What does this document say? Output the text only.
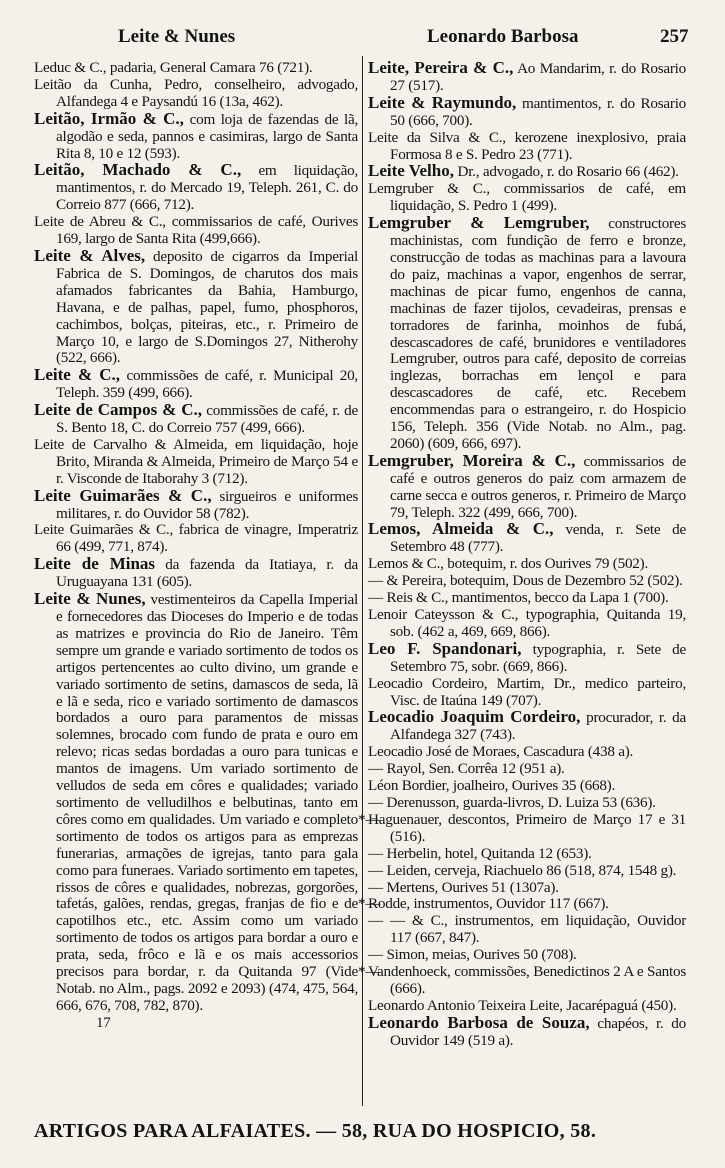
Leite & Nunes	Leonardo Barbosa	257

Leduc & C., padaria, General Camara 76 (721).

Leitão da Cunha, Pedro, conselheiro, advogado, Alfandega 4 e Paysandú 16 (13a, 462).

Leitão, Irmão & C., com loja de fazendas de lã, algodão e seda, pannos e casimiras, largo de Santa Rita 8, 10 e 12 (593).

Leitão, Machado & C., em liquidação, mantimentos, r. do Mercado 19, Teleph. 261, C. do Correio 877 (666, 712).

Leite de Abreu & C., commissarios de café, Ourives 169, largo de Santa Rita (499,666).

Leite & Alves, deposito de cigarros da Imperial Fabrica de S. Domingos, de charutos dos mais afamados fabricantes da Bahia, Hamburgo, Havana, e de palhas, papel, fumo, phosphoros, cachimbos, bolças, piteiras, etc., r. Primeiro de Março 10, e largo de S.Domingos 27, Nitherohy (522, 666).

Leite & C., commissões de café, r. Municipal 20, Teleph. 359 (499, 666).

Leite de Campos & C., commissões de café, r. de S. Bento 18, C. do Correio 757 (499, 666).

Leite de Carvalho & Almeida, em liquidação, hoje Brito, Miranda & Almeida, Primeiro de Março 54 e r. Visconde de Itaborahy 3 (712).

Leite Guimarães & C., sirgueiros e uniformes militares, r. do Ouvidor 58 (782).

Leite Guimarães & C., fabrica de vinagre, Imperatriz 66 (499, 771, 874).

Leite de Minas da fazenda da Itatiaya, r. da Uruguayana 131 (605).

Leite & Nunes, vestimenteiros da Capella Imperial e fornecedores das Dioceses do Imperio e de todas as matrizes e provincia do Rio de Janeiro. Têm sempre um grande e variado sortimento de todos os artigos pertencentes ao culto divino, um grande e variado sortimento de setins, damascos de seda, lã e lã e seda, rico e variado sortimento de damascos bordados a ouro para paramentos de missas solemnes, brocado com fundo de prata e ouro em relevo; ricas sedas bordadas a ouro para tunicas e mantos de imagens. Um variado sortimento de velludos de seda em côres e qualidades; variado sortimento de velludilhos e belbutinas, tanto em côres como em qualidades. Um variado e completo sortimento de todos os artigos para as emprezas funerarias, armações de igrejas, tanto para gala como para funeraes. Variado sortimento em tapetes, rissos de côres e qualidades, nobrezas, gorgorões, tafetás, galões, rendas, gregas, franjas de fio e de capotilhos etc., etc. Assim como um variado sortimento de todos os artigos para bordar a ouro e prata, seda, frôco e lã e os mais accessorios precisos para bordar, r. da Quitanda 97 (Vide Notab. no Alm., pags. 2092 e 2093) (474, 475, 564, 666, 676, 708, 782, 870).

17

Leite, Pereira & C., Ao Mandarim, r. do Rosario 27 (517).

Leite & Raymundo, mantimentos, r. do Rosario 50 (666, 700).

Leite da Silva & C., kerozene inexplosivo, praia Formosa 8 e S. Pedro 23 (771).

Leite Velho, Dr., advogado, r. do Rosario 66 (462).

Lemgruber & C., commissarios de café, em liquidação, S. Pedro 1 (499).

Lemgruber & Lemgruber, constructores machinistas, com fundição de ferro e bronze, construcção de todas as machinas para a lavoura do paiz, machinas a vapor, engenhos de serrar, machinas de picar fumo, engenhos de canna, machinas de fazer tijolos, cevadeiras, prensas e torradores de farinha, moinhos de fubá, descascadores de café, brunidores e ventiladores Lemgruber, outros para café, deposito de correias inglezas, borrachas em lençol e para descascadores de café, etc. Recebem encommendas para o estrangeiro, r. do Hospicio 156, Teleph. 356 (Vide Notab. no Alm., pag. 2060) (609, 666, 697).

Lemgruber, Moreira & C., commissarios de café e outros generos do paiz com armazem de carne secca e outros generos, r. Primeiro de Março 79, Teleph. 322 (499, 666, 700).

Lemos, Almeida & C., venda, r. Sete de Setembro 48 (777).

Lemos & C., botequim, r. dos Ourives 79 (502).

— & Pereira, botequim, Dous de Dezembro 52 (502).

— Reis & C., mantimentos, becco da Lapa 1 (700).

Lenoir Cateysson & C., typographia, Quitanda 19, sob. (462 a, 469, 669, 866).

Leo F. Spandonari, typographia, r. Sete de Setembro 75, sobr. (669, 866).

Leocadio Cordeiro, Martim, Dr., medico parteiro, Visc. de Itaúna 149 (707).

Leocadio Joaquim Cordeiro, procurador, r. da Alfandega 327 (743).

Leocadio José de Moraes, Cascadura (438 a).

— Rayol, Sen. Corrêa 12 (951 a).

Léon Bordier, joalheiro, Ourives 35 (668).

— Derenusson, guarda-livros, D. Luiza 53 (636).

*— Haguenauer, descontos, Primeiro de Março 17 e 31 (516).

— Herbelin, hotel, Quitanda 12 (653).

— Leiden, cerveja, Riachuelo 86 (518, 874, 1548 g).

— Mertens, Ourives 51 (1307a).

*— Rodde, instrumentos, Ouvidor 117 (667).

— — & C., instrumentos, em liquidação, Ouvidor 117 (667, 847).

— Simon, meias, Ourives 50 (708).

*— Vandenhoeck, commissões, Benedictinos 2 A e Santos (666).

Leonardo Antonio Teixeira Leite, Jacarépaguá (450).

Leonardo Barbosa de Souza, chapéos, r. do Ouvidor 149 (519 a).

ARTIGOS PARA ALFAIATES. — 58, RUA DO HOSPICIO, 58.
